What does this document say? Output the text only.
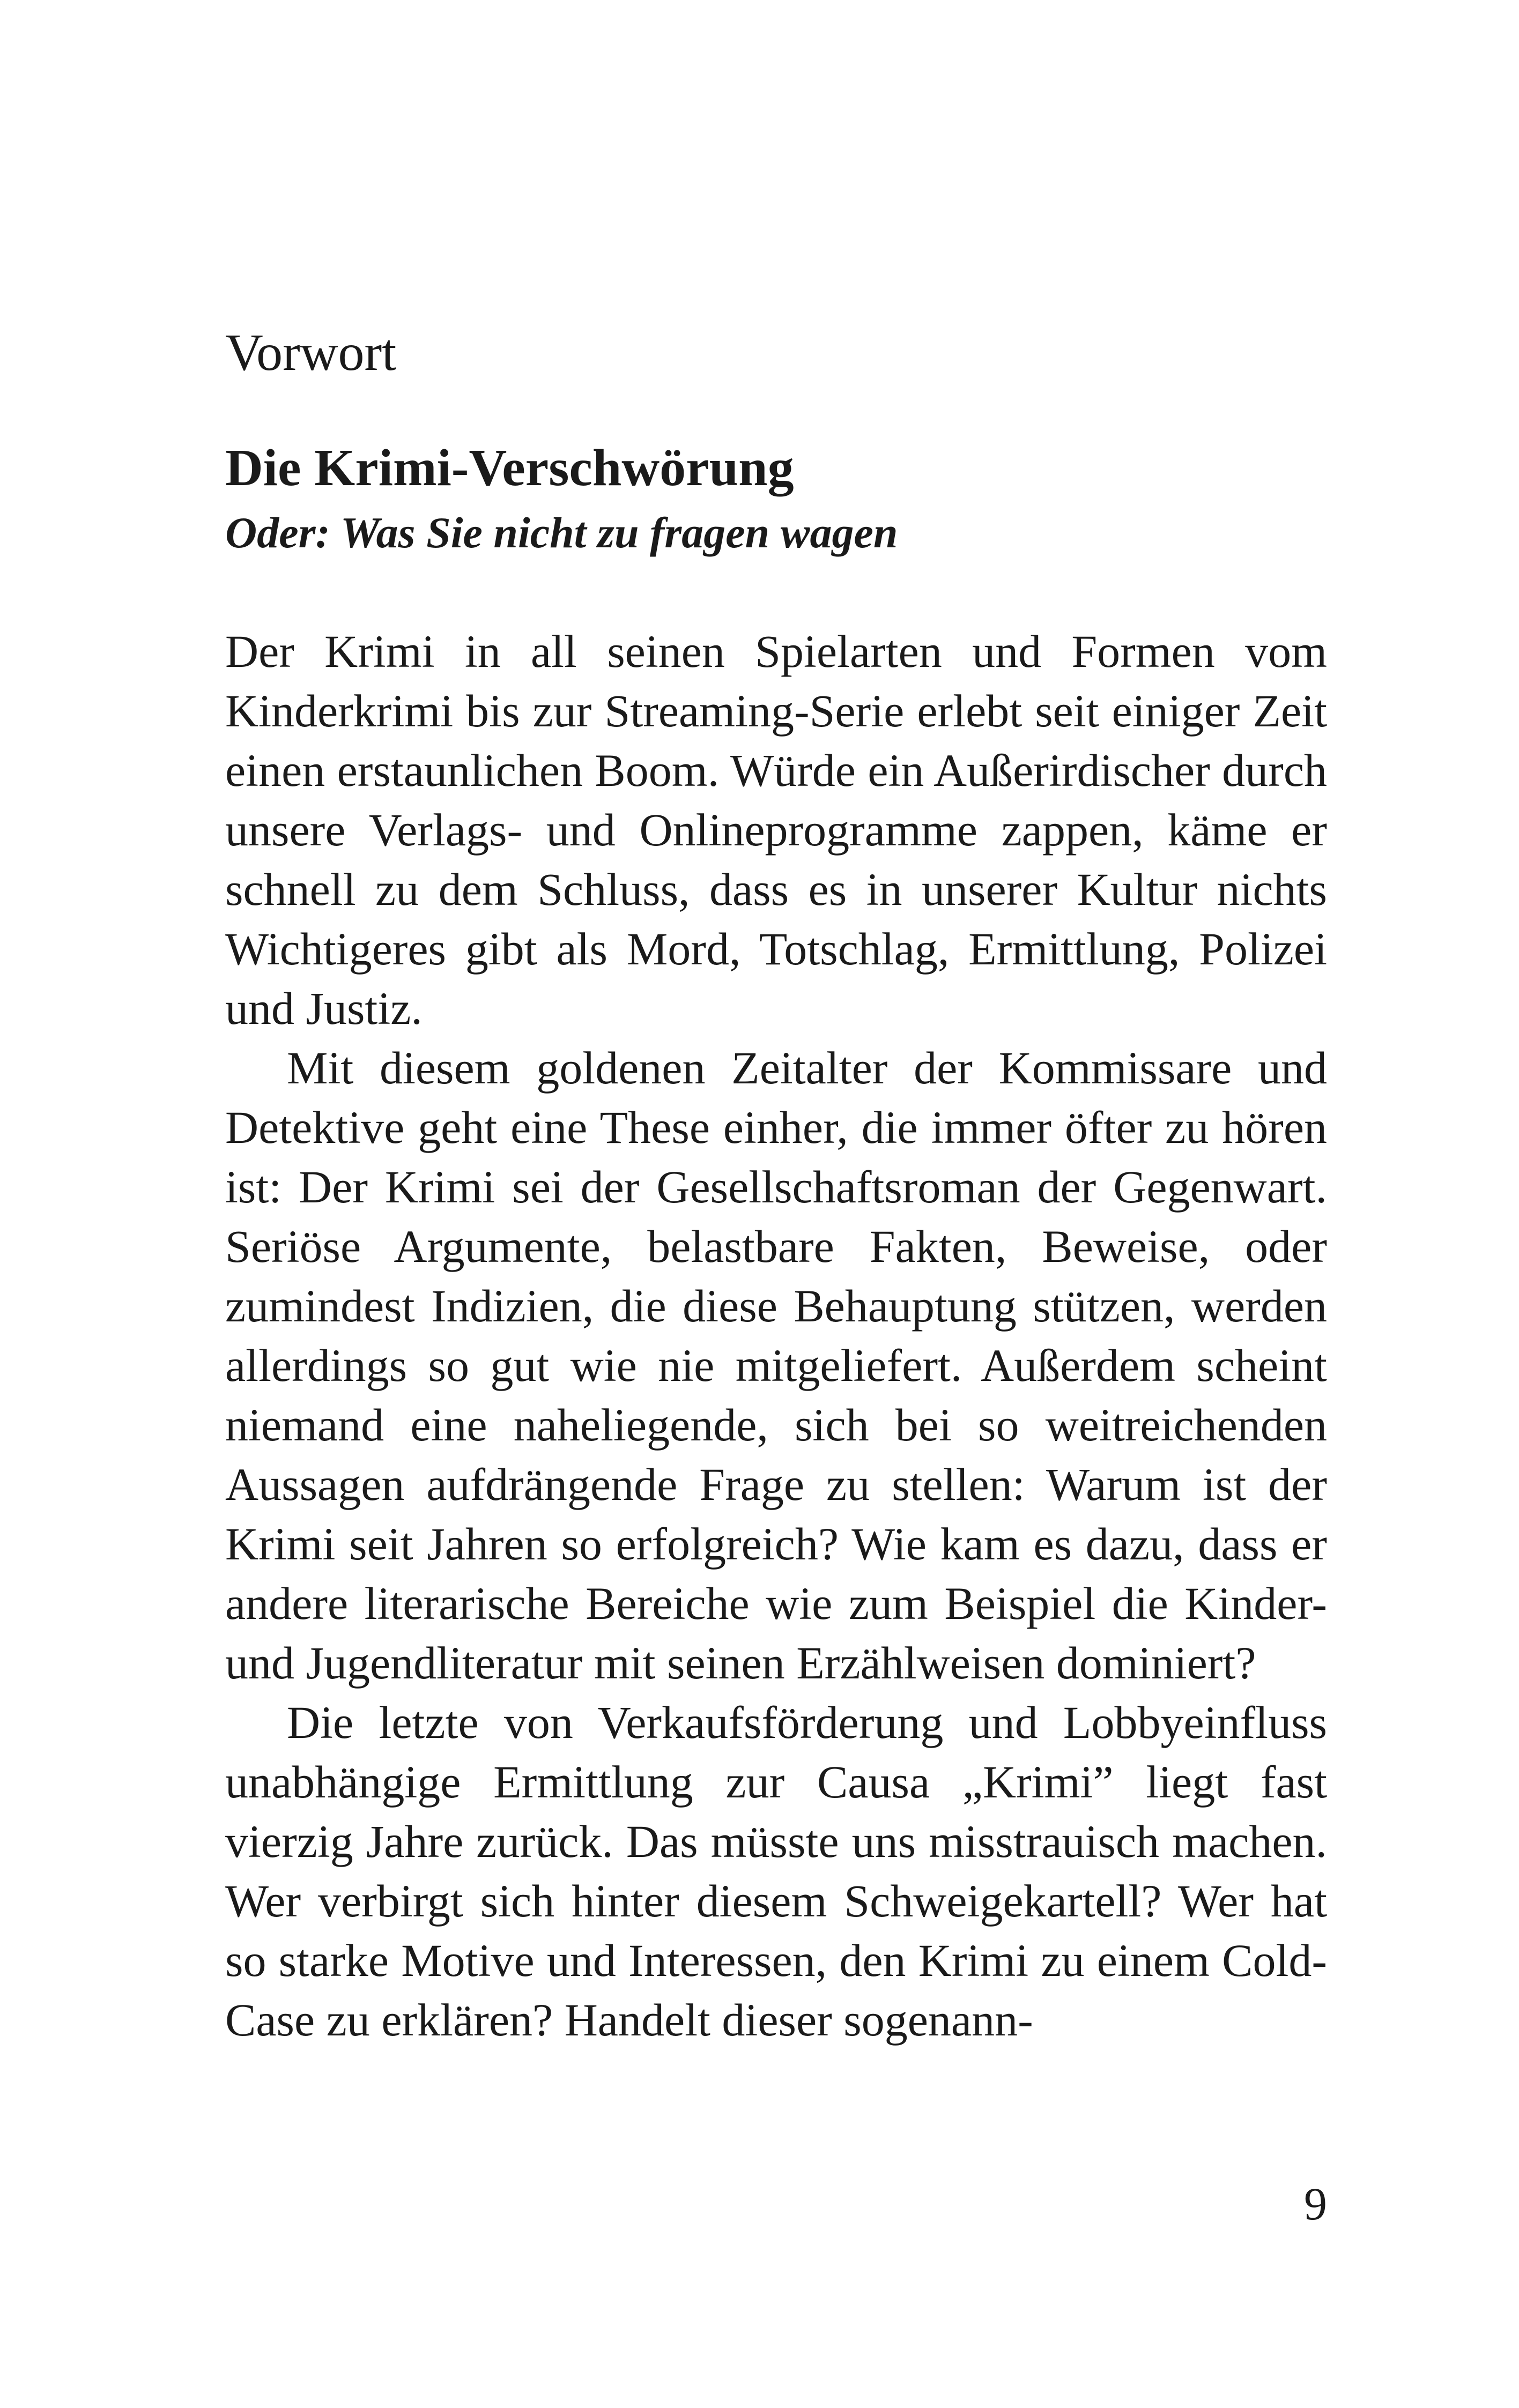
Vorwort
Die Krimi-Verschwörung
Oder: Was Sie nicht zu fragen wagen

Der Krimi in all seinen Spielarten und Formen vom Kinderkrimi bis zur Streaming-Serie erlebt seit einiger Zeit einen erstaunlichen Boom. Würde ein Außerirdischer durch unsere Verlags- und Onlineprogramme zappen, käme er schnell zu dem Schluss, dass es in unserer Kultur nichts Wichtigeres gibt als Mord, Totschlag, Ermittlung, Polizei und Justiz.

Mit diesem goldenen Zeitalter der Kommissare und Detektive geht eine These einher, die immer öfter zu hören ist: Der Krimi sei der Gesellschaftsroman der Gegenwart. Seriöse Argumente, belastbare Fakten, Beweise, oder zumindest Indizien, die diese Behauptung stützen, werden allerdings so gut wie nie mitgeliefert. Außerdem scheint niemand eine naheliegende, sich bei so weitreichenden Aussagen aufdrängende Frage zu stellen: Warum ist der Krimi seit Jahren so erfolgreich? Wie kam es dazu, dass er andere literarische Bereiche wie zum Beispiel die Kinder- und Jugendliteratur mit seinen Erzählweisen dominiert?

Die letzte von Verkaufsförderung und Lobbyeinfluss unabhängige Ermittlung zur Causa „Krimi” liegt fast vierzig Jahre zurück. Das müsste uns misstrauisch machen. Wer verbirgt sich hinter diesem Schweigekartell? Wer hat so starke Motive und Interessen, den Krimi zu einem Cold-Case zu erklären? Handelt dieser sogenann-

9
